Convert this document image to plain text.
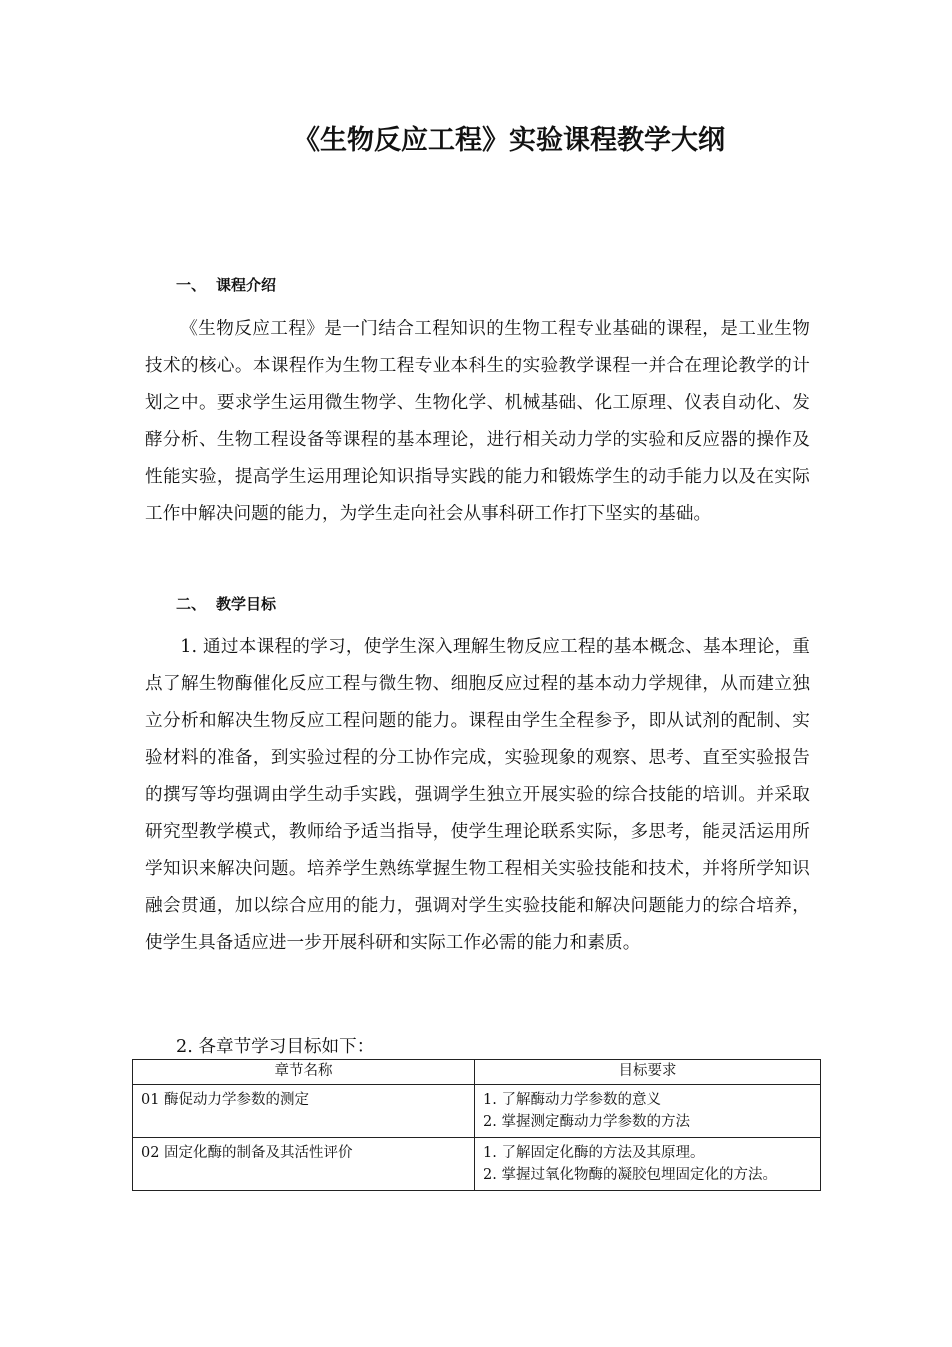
《生物反应工程》实验课程教学大纲
一、 课程介绍
《生物反应工程》是一门结合工程知识的生物工程专业基础的课程，是工业生物技术的核心。本课程作为生物工程专业本科生的实验教学课程一并合在理论教学的计划之中。要求学生运用微生物学、生物化学、机械基础、化工原理、仪表自动化、发酵分析、生物工程设备等课程的基本理论，进行相关动力学的实验和反应器的操作及性能实验，提高学生运用理论知识指导实践的能力和锻炼学生的动手能力以及在实际工作中解决问题的能力，为学生走向社会从事科研工作打下坚实的基础。
二、 教学目标
1. 通过本课程的学习，使学生深入理解生物反应工程的基本概念、基本理论，重点了解生物酶催化反应工程与微生物、细胞反应过程的基本动力学规律，从而建立独立分析和解决生物反应工程问题的能力。课程由学生全程参予，即从试剂的配制、实验材料的准备，到实验过程的分工协作完成，实验现象的观察、思考、直至实验报告的撰写等均强调由学生动手实践，强调学生独立开展实验的综合技能的培训。并采取研究型教学模式，教师给予适当指导，使学生理论联系实际，多思考，能灵活运用所学知识来解决问题。培养学生熟练掌握生物工程相关实验技能和技术，并将所学知识融会贯通，加以综合应用的能力，强调对学生实验技能和解决问题能力的综合培养，使学生具备适应进一步开展科研和实际工作必需的能力和素质。
2. 各章节学习目标如下：
章节名称	目标要求
01 酶促动力学参数的测定	1. 了解酶动力学参数的意义
2. 掌握测定酶动力学参数的方法

02 固定化酶的制备及其活性评价	1. 了解固定化酶的方法及其原理。
2. 掌握过氧化物酶的凝胶包埋固定化的方法。
